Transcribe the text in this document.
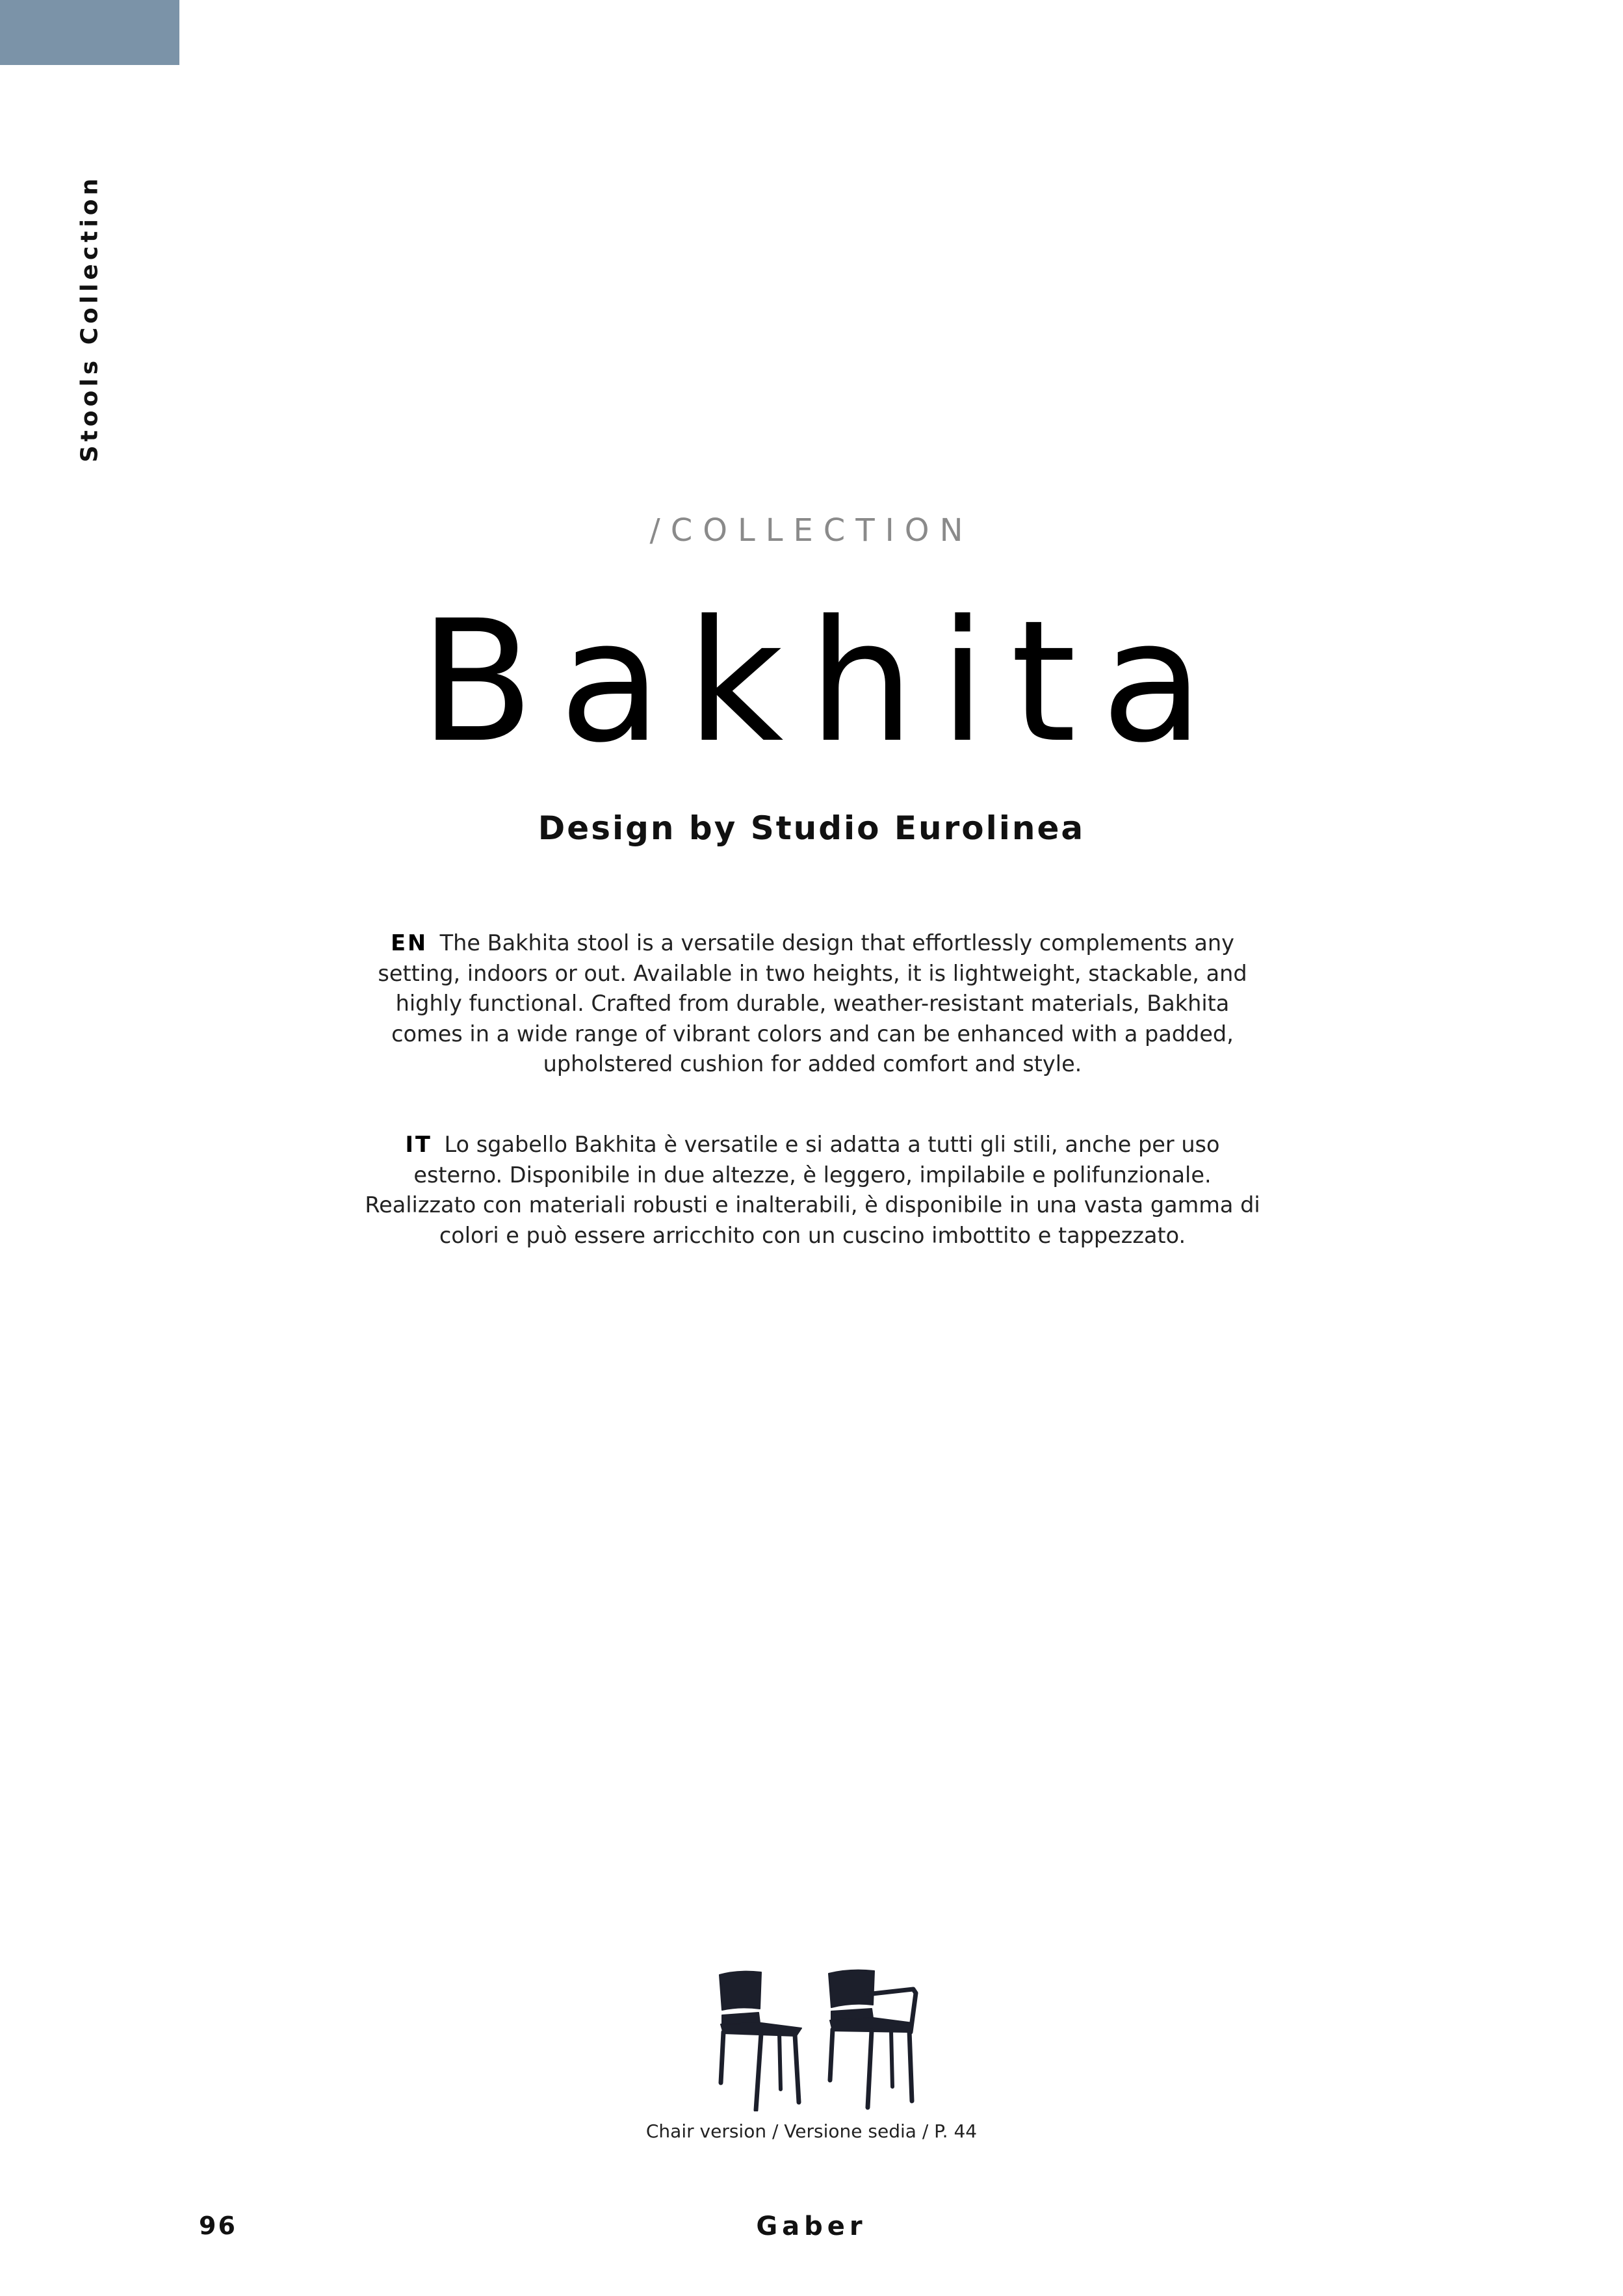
Stools Collection
/COLLECTION
Bakhita
Design by Studio Eurolinea

EN The Bakhita stool is a versatile design that effortlessly complements any setting, indoors or out. Available in two heights, it is lightweight, stackable, and highly functional. Crafted from durable, weather-resistant materials, Bakhita comes in a wide range of vibrant colors and can be enhanced with a padded, upholstered cushion for added comfort and style.

IT Lo sgabello Bakhita è versatile e si adatta a tutti gli stili, anche per uso esterno. Disponibile in due altezze, è leggero, impilabile e polifunzionale. Realizzato con materiali robusti e inalterabili, è disponibile in una vasta gamma di colori e può essere arricchito con un cuscino imbottito e tappezzato.

Chair version / Versione sedia / P. 44
96	Gaber
